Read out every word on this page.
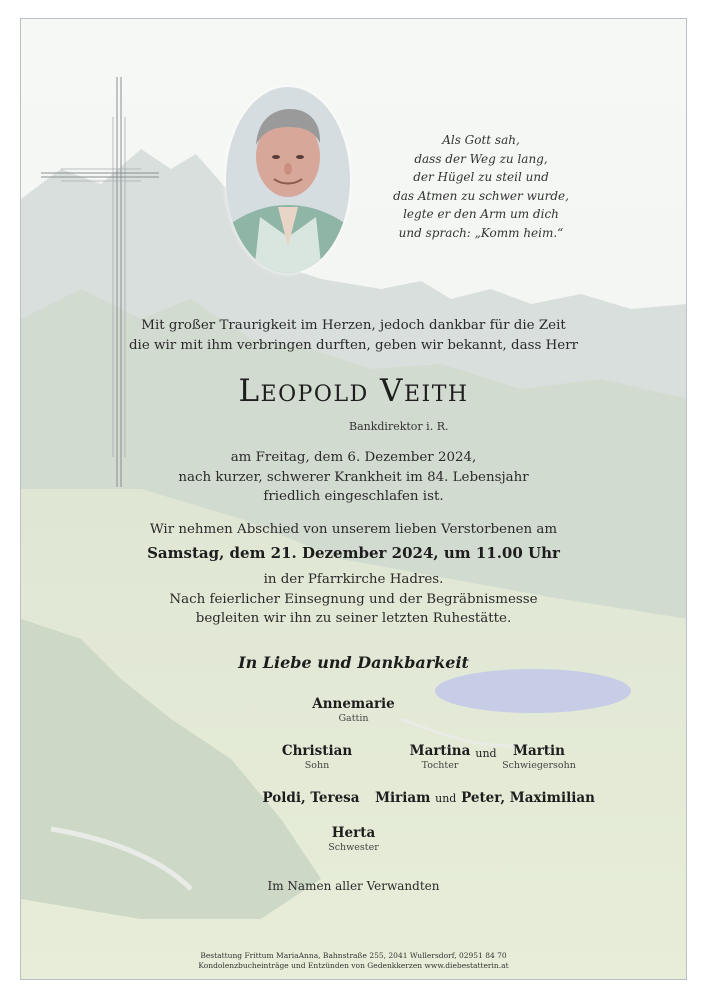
Als Gott sah,
dass der Weg zu lang,
der Hügel zu steil und
das Atmen zu schwer wurde,
legte er den Arm um dich
und sprach: „Komm heim.“
Mit großer Traurigkeit im Herzen, jedoch dankbar für die Zeit
die wir mit ihm verbringen durften, geben wir bekannt, dass Herr
Leopold Veith
Bankdirektor i. R.
am Freitag, dem 6. Dezember 2024,
nach kurzer, schwerer Krankheit im 84. Lebensjahr
friedlich eingeschlafen ist.
Wir nehmen Abschied von unserem lieben Verstorbenen am
Samstag, dem 21. Dezember 2024, um 11.00 Uhr
in der Pfarrkirche Hadres.
Nach feierlicher Einsegnung und der Begräbnismesse
begleiten wir ihn zu seiner letzten Ruhestätte.
In Liebe und Dankbarkeit
Annemarie
Gattin
Christian
Sohn
Martina
Tochter
und	Martin
Schwiegersohn
Poldi, Teresa Miriam und Peter, Maximilian
Herta
Schwester
Im Namen aller Verwandten
Bestattung Frittum MariaAnna, Bahnstraße 255, 2041 Wullersdorf, 02951 84 70
Kondolenzbucheinträge und Entzünden von Gedenkkerzen www.diebestatterin.at
